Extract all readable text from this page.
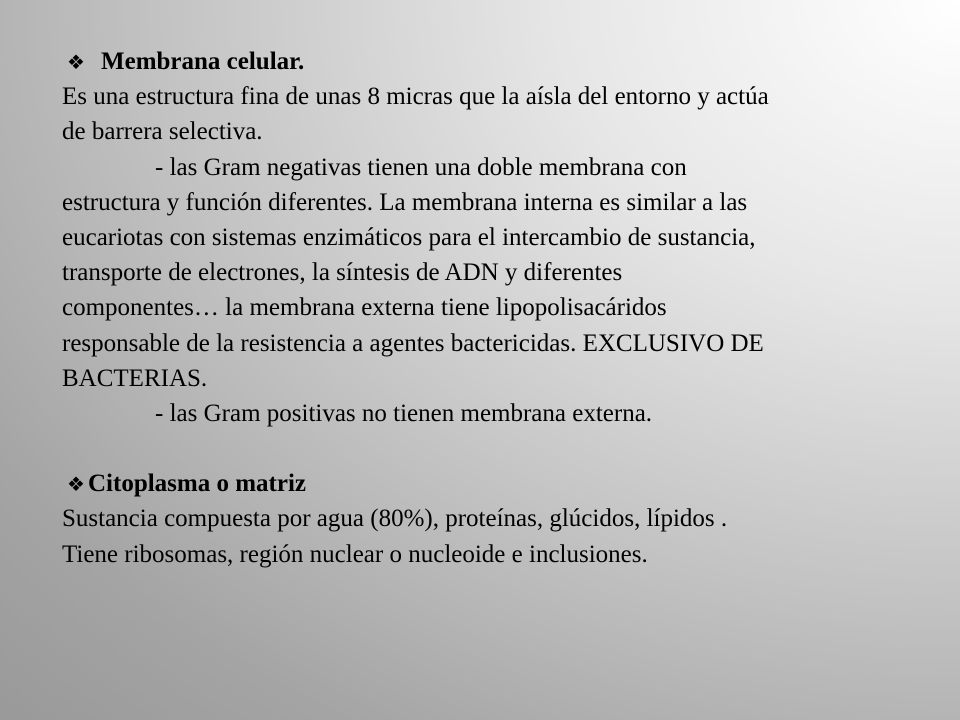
❖ Membrana celular.
Es una estructura fina de unas 8 micras que la aísla del entorno y actúa
de barrera selectiva.
- las Gram negativas tienen una doble membrana con
estructura y función diferentes. La membrana interna es similar a las
eucariotas con sistemas enzimáticos para el intercambio de sustancia,
transporte de electrones, la síntesis de ADN y diferentes
componentes… la membrana externa tiene lipopolisacáridos
responsable de la resistencia a agentes bactericidas. EXCLUSIVO DE
BACTERIAS.
- las Gram positivas no tienen membrana externa.
❖ Citoplasma o matriz
Sustancia compuesta por agua (80%), proteínas, glúcidos, lípidos .
Tiene ribosomas, región nuclear o nucleoide e inclusiones.
